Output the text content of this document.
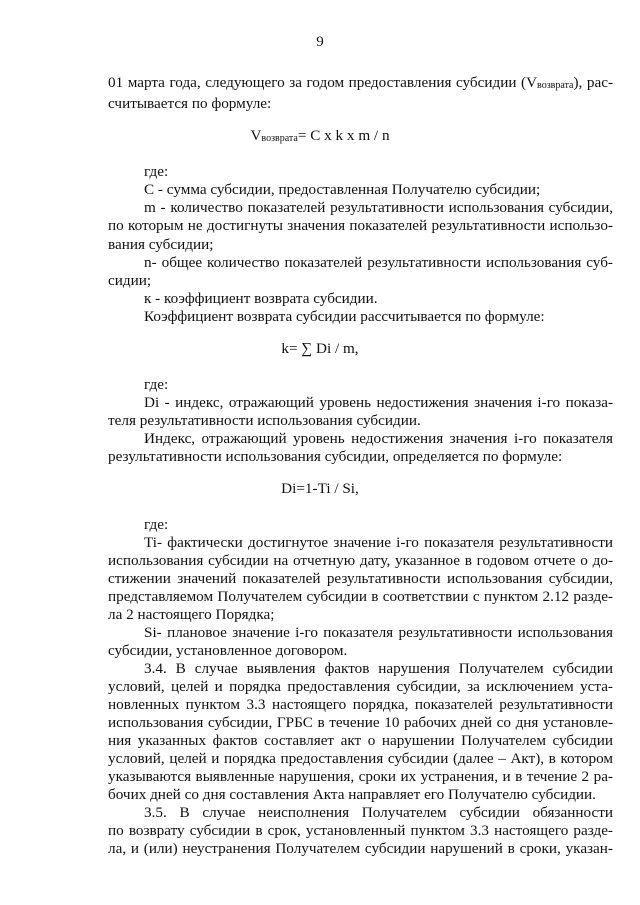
9
01 марта года, следующего за годом предоставления субсидии $(V_{возврата})$, рас-
считывается по формуле:
где:
С - сумма субсидии, предоставленная Получателю субсидии;
m - количество показателей результативности использования субсидии,
по которым не достигнуты значения показателей результативности использо-
вания субсидии;
n- общее количество показателей результативности использования суб-
сидии;
к - коэффициент возврата субсидии.
Коэффициент возврата субсидии рассчитывается по формуле:
где:
Di - индекс, отражающий уровень недостижения значения i-го показа-
теля результативности использования субсидии.
Индекс, отражающий уровень недостижения значения i-го показателя
результативности использования субсидии, определяется по формуле:
где:
Ti- фактически достигнутое значение i-го показателя результативности
использования субсидии на отчетную дату, указанное в годовом отчете о до-
стижении значений показателей результативности использования субсидии,
представляемом Получателем субсидии в соответствии с пунктом 2.12 разде-
ла 2 настоящего Порядка;
Si- плановое значение i-го показателя результативности использования
субсидии, установленное договором.
3.4. В случае выявления фактов нарушения Получателем субсидии
условий, целей и порядка предоставления субсидии, за исключением уста-
новленных пунктом 3.3 настоящего порядка, показателей результативности
использования субсидии, ГРБС в течение 10 рабочих дней со дня установле-
ния указанных фактов составляет акт о нарушении Получателем субсидии
условий, целей и порядка предоставления субсидии (далее – Акт), в котором
указываются выявленные нарушения, сроки их устранения, и в течение 2 ра-
бочих дней со дня составления Акта направляет его Получателю субсидии.
3.5. В случае неисполнения Получателем субсидии обязанности
по возврату субсидии в срок, установленный пунктом 3.3 настоящего разде-
ла, и (или) неустранения Получателем субсидии нарушений в сроки, указан-
$V_{возврата}= C$ x k x m / n
k= ∑ Di / m,
Di=1-Ti / Si,
